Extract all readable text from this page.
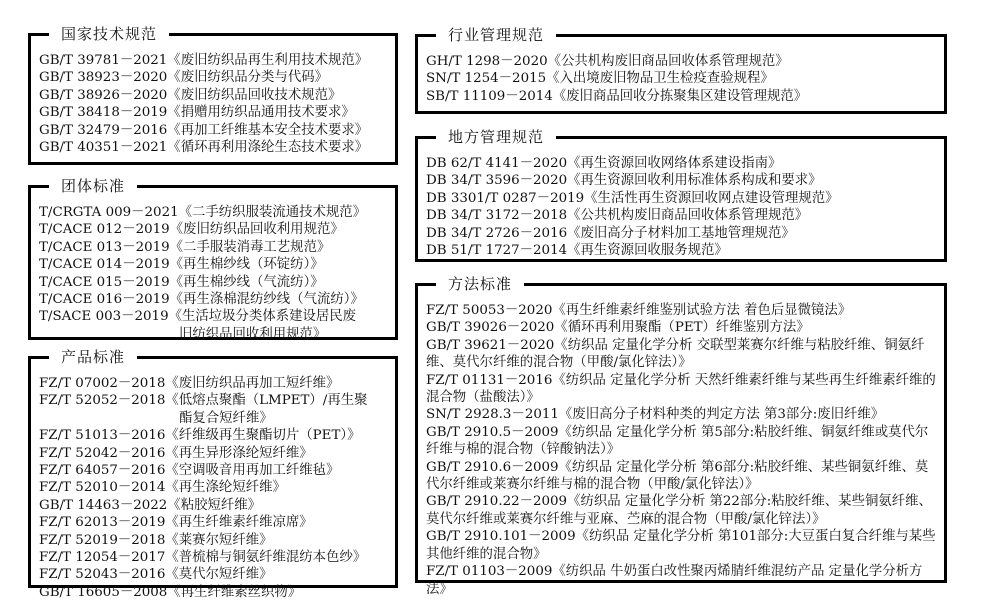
国家技术规范
GB/T 39781－2021《废旧纺织品再生利用技术规范》
GB/T 38923－2020《废旧纺织品分类与代码》
GB/T 38926－2020《废旧纺织品回收技术规范》
GB/T 38418－2019《捐赠用纺织品通用技术要求》
GB/T 32479－2016《再加工纤维基本安全技术要求》
GB/T 40351－2021《循环再利用涤纶生态技术要求》
团体标准
T/CRGTA 009－2021《二手纺织服装流通技术规范》
T/CACE 012－2019《废旧纺织品回收利用规范》
T/CACE 013－2019《二手服装消毒工艺规范》
T/CACE 014－2019《再生棉纱线（环锭纺）》
T/CACE 015－2019《再生棉纱线（气流纺）》
T/CACE 016－2019《再生涤棉混纺纱线（气流纺）》
T/SACE 003－2019《生活垃圾分类体系建设居民废
旧纺织品回收利用规范》
产品标准
FZ/T 07002－2018《废旧纺织品再加工短纤维》
FZ/T 52052－2018《低熔点聚酯（LMPET）/再生聚
酯复合短纤维》
FZ/T 51013－2016《纤维级再生聚酯切片（PET）》
FZ/T 52042－2016《再生异形涤纶短纤维》
FZ/T 64057－2016《空调吸音用再加工纤维毡》
FZ/T 52010－2014《再生涤纶短纤维》
GB/T 14463－2022《粘胶短纤维》
FZ/T 62013－2019《再生纤维素纤维凉席》
FZ/T 52019－2018《莱赛尔短纤维》
FZ/T 12054－2017《普梳棉与铜氨纤维混纺本色纱》
FZ/T 52043－2016《莫代尔短纤维》
GB/T 16605－2008《再生纤维素丝织物》
行业管理规范
GH/T 1298－2020《公共机构废旧商品回收体系管理规范》
SN/T 1254－2015《入出境废旧物品卫生检疫查验规程》
SB/T 11109－2014《废旧商品回收分拣聚集区建设管理规范》
地方管理规范
DB 62/T 4141－2020《再生资源回收网络体系建设指南》
DB 34/T 3596－2020《再生资源回收利用标准体系构成和要求》
DB 3301/T 0287－2019《生活性再生资源回收网点建设管理规范》
DB 34/T 3172－2018《公共机构废旧商品回收体系管理规范》
DB 34/T 2726－2016《废旧高分子材料加工基地管理规范》
DB 51/T 1727－2014《再生资源回收服务规范》
方法标准
FZ/T 50053－2020《再生纤维素纤维鉴别试验方法 着色后显微镜法》
GB/T 39026－2020《循环再利用聚酯（PET）纤维鉴别方法》
GB/T 39621－2020《纺织品 定量化学分析 交联型莱赛尔纤维与粘胶纤维、铜氨纤维、莫代尔纤维的混合物（甲酸/氯化锌法）》
FZ/T 01131－2016《纺织品 定量化学分析 天然纤维素纤维与某些再生纤维素纤维的混合物（盐酸法）》
SN/T 2928.3－2011《废旧高分子材料种类的判定方法 第3部分:废旧纤维》
GB/T 2910.5－2009《纺织品 定量化学分析 第5部分:粘胶纤维、铜氨纤维或莫代尔纤维与棉的混合物（锌酸钠法）》
GB/T 2910.6－2009《纺织品 定量化学分析 第6部分:粘胶纤维、某些铜氨纤维、莫代尔纤维或莱赛尔纤维与棉的混合物（甲酸/氯化锌法）》
GB/T 2910.22－2009《纺织品 定量化学分析 第22部分:粘胶纤维、某些铜氨纤维、莫代尔纤维或莱赛尔纤维与亚麻、苎麻的混合物（甲酸/氯化锌法）》
GB/T 2910.101－2009《纺织品 定量化学分析 第101部分:大豆蛋白复合纤维与某些其他纤维的混合物》
FZ/T 01103－2009《纺织品 牛奶蛋白改性聚丙烯腈纤维混纺产品 定量化学分析方法》
